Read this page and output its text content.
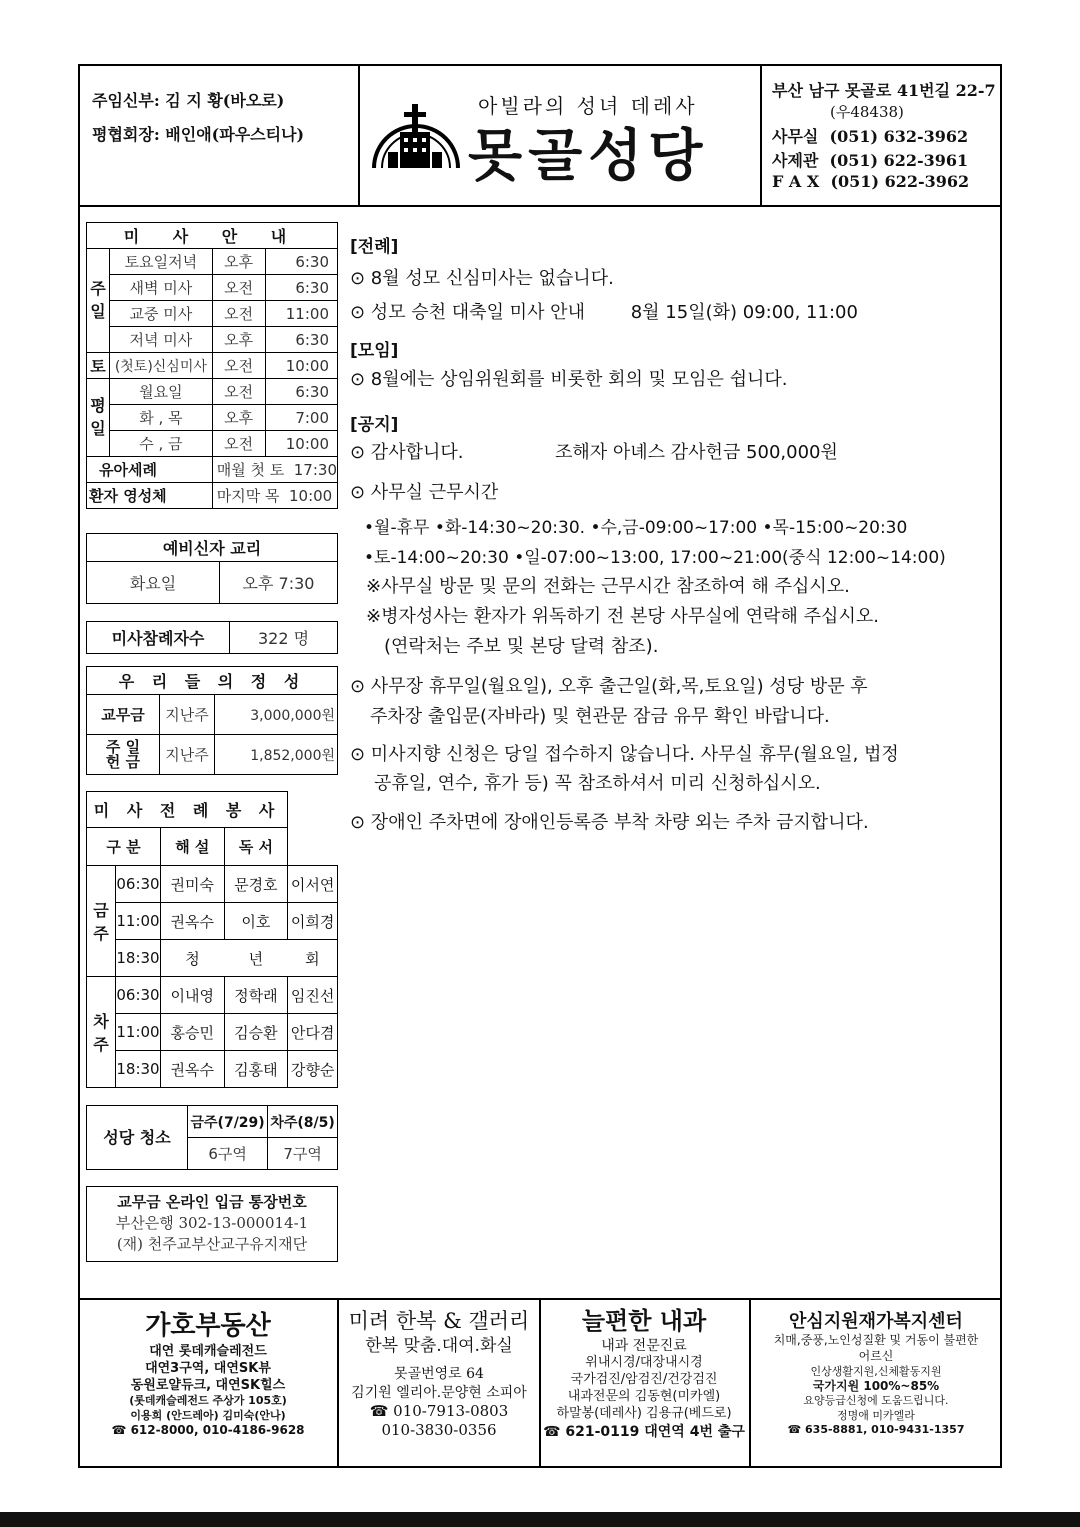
주임신부: 김 지 황(바오로)
평협회장: 배인애(파우스티나)
아빌라의 성녀 데레사
못골성당
부산 남구 못골로 41번길 22-7
(우48438)
사무실  (051) 632-3962
사제관  (051) 622-3961
F A X  (051) 622-3962
미 사 안 내			
주일	토요일저녁	오후	6:30
	새벽 미사	오전	6:30
	교중 미사	오전	11:00
	저녁 미사	오후	6:30
토	(첫토)신심미사	오전	10:00
평일	월요일	오전	6:30
	화 , 목	오후	7:00
	수 , 금	오전	10:00
유아세례		매월 첫 토 17:30	
환자 영성체		마지막 목 10:00	
예비신자 교리
화요일	오후 7:30
미사참례자수	322 명
우 리 들 의 정 성		
교무금	지난주	3,000,000원
주 일 헌 금	지난주	1,852,000원
미 사 전 례 봉 사				
구 분		해 설	독 서	
금주	06:30	권미숙	문경호	이서연
	11:00	권옥수	이호	이희경
	18:30	청	년	회
차주	06:30	이내영	정학래	임진선
	11:00	홍승민	김승환	안다겸
	18:30	권옥수	김홍태	강향순
성당 청소	금주(7/29)	차주(8/5)
	6구역	7구역
교무금 온라인 입금 통장번호
부산은행 302-13-000014-1
(재) 천주교부산교구유지재단
[전례]
⊙ 8월 성모 신심미사는 없습니다.
⊙ 성모 승천 대축일 미사 안내        8월 15일(화) 09:00, 11:00
[모임]
⊙ 8월에는 상임위원회를 비롯한 회의 및 모임은 쉽니다.
[공지]
⊙ 감사합니다.                조해자 아녜스 감사헌금 500,000원
⊙ 사무실 근무시간
•월-휴무 •화-14:30~20:30. •수,금-09:00~17:00 •목-15:00~20:30
•토-14:00~20:30 •일-07:00~13:00, 17:00~21:00(중식 12:00~14:00)
※사무실 방문 및 문의 전화는 근무시간 참조하여 해 주십시오.
※병자성사는 환자가 위독하기 전 본당 사무실에 연락해 주십시오.
(연락처는 주보 및 본당 달력 참조).
⊙ 사무장 휴무일(월요일), 오후 출근일(화,목,토요일) 성당 방문 후
주차장 출입문(자바라) 및 현관문 잠금 유무 확인 바랍니다.
⊙ 미사지향 신청은 당일 접수하지 않습니다. 사무실 휴무(월요일, 법정
공휴일, 연수, 휴가 등) 꼭 참조하셔서 미리 신청하십시오.
⊙ 장애인 주차면에 장애인등록증 부착 차량 외는 주차 금지합니다.
가호부동산
대연 롯데캐슬레전드
대연3구역, 대연SK뷰
동원로얄듀크, 대연SK힐스
(롯데캐슬레전드 주상가 105호)
이용희 (안드레아) 김미숙(안나)
☎ 612-8000, 010-4186-9628
미려 한복 & 갤러리
한복 맞춤.대여.화실
못골번영로 64
김기원 엘리아.문양현 소피아
☎ 010-7913-0803
010-3830-0356
늘편한 내과
내과 전문진료
위내시경/대장내시경
국가검진/암검진/건강검진
내과전문의 김동현(미카엘)
하말봉(데레사) 김용규(베드로)
☎ 621-0119 대연역 4번 출구
안심지원재가복지센터
치매,중풍,노인성질환 및 거동이 불편한
어르신
인상생활지원,신체활동지원
국가지원 100%~85%
요양등급신청에 도움드립니다.
정명애 미카엘라
☎ 635-8881, 010-9431-1357
